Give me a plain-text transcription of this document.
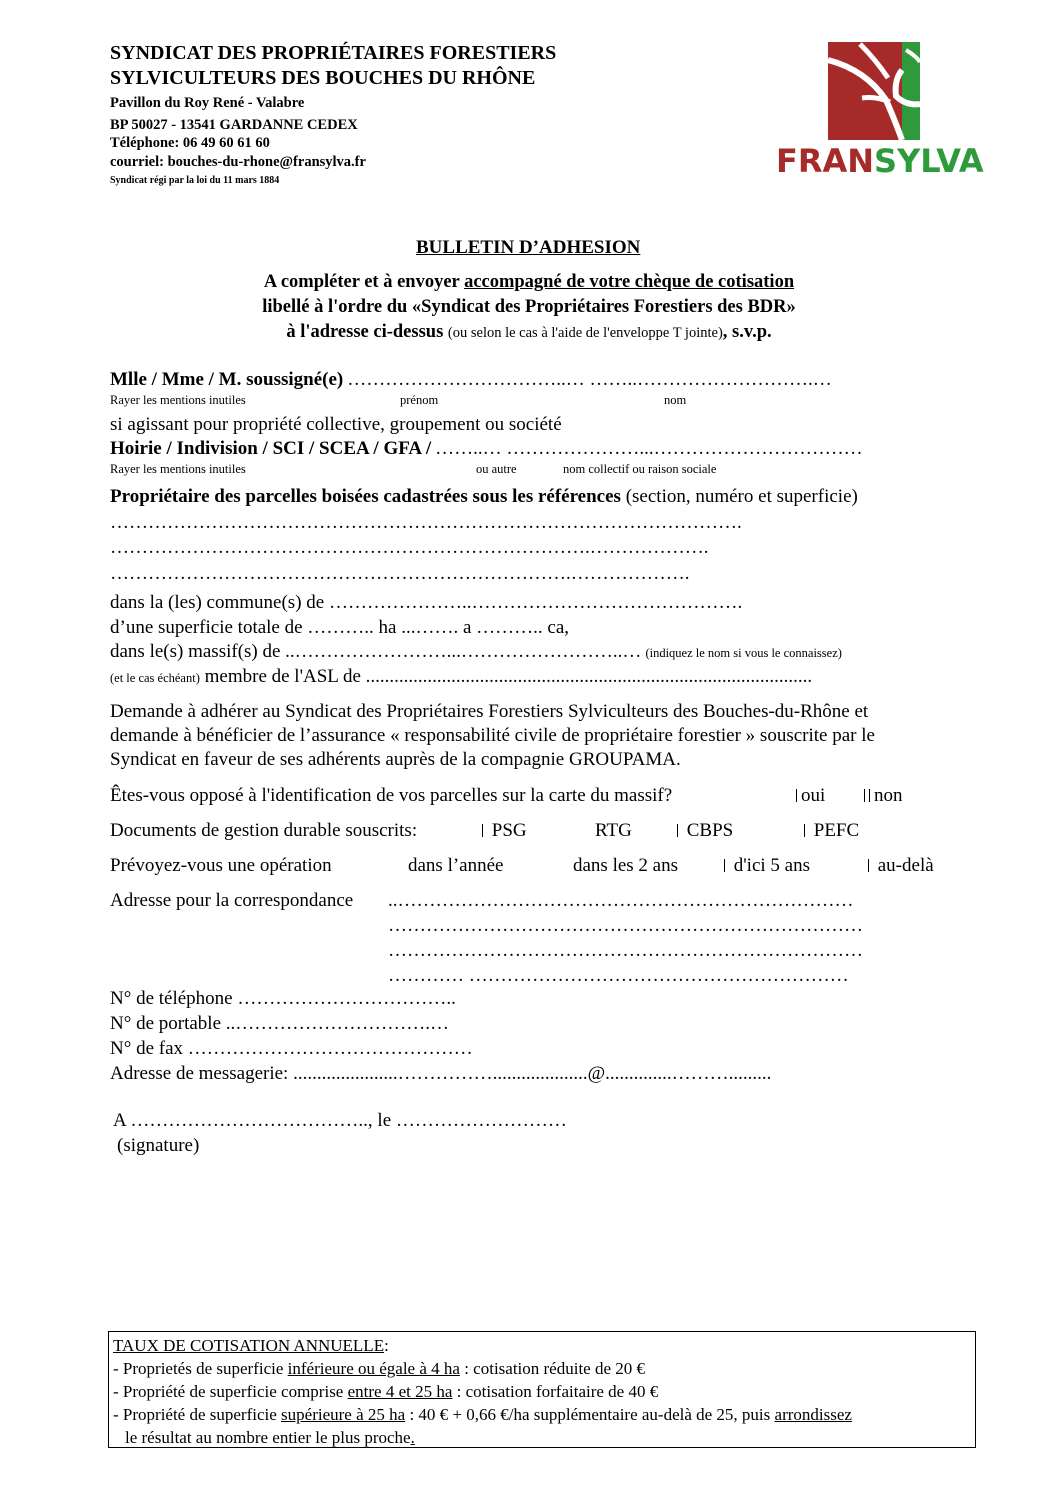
SYNDICAT DES PROPRIÉTAIRES FORESTIERS
SYLVICULTEURS DES BOUCHES DU RHÔNE
Pavillon du Roy René - Valabre
BP 50027 - 13541 GARDANNE CEDEX
Téléphone: 06 49 60 61 60
courriel: bouches-du-rhone@fransylva.fr
Syndicat régi par la loi du 11 mars 1884
FRANSYLVA
BULLETIN D’ADHESION
A compléter et à envoyer accompagné de votre chèque de cotisation
libellé à l'ordre du «Syndicat des Propriétaires Forestiers des BDR»
à l'adresse ci-dessus (ou selon le cas à l'aide de l'enveloppe T jointe), s.v.p.
Mlle / Mme / M. soussigné(e) ……………………………..… ……..……………………….…
Rayer les mentions inutiles	prénom	nom
si agissant pour propriété collective, groupement ou société
Hoirie / Indivision / SCI / SCEA / GFA / ……..… …………………...……………………………
Rayer les mentions inutiles	ou autre	nom collectif ou raison sociale
Propriétaire des parcelles boisées cadastrées sous les références (section, numéro et superficie)
……………………………………………………………………………………….
………………………………………………………………….……………….
……………………………………………………………….……………….
dans la (les) commune(s) de …………………..…………………………………….
d’une superficie totale de ……….. ha ...……. a ……….. ca,
dans le(s) massif(s) de ..……………………...……………………..… (indiquez le nom si vous le connaissez)
(et le cas échéant) membre de l'ASL de ..............................................................................................
Demande à adhérer au Syndicat des Propriétaires Forestiers Sylviculteurs des Bouches-du-Rhône et
demande à bénéficier de l’assurance « responsabilité civile de propriétaire forestier » souscrite par le
Syndicat en faveur de ses adhérents auprès de la compagnie GROUPAMA.
Êtes-vous opposé à l'identification de vos parcelles sur la carte du massif?	oui	non
Documents de gestion durable souscrits:	PSG	RTG	CBPS	PEFC
Prévoyez-vous une opération	dans l’année	dans les 2 ans	d'ici 5 ans	au-delà
Adresse pour la correspondance ..………………………………………………………………
…………………………………………………………………
…………………………………………………………………
………… ……………………………………………………
N° de téléphone ……………………………..
N° de portable ..………………………….…
N° de fax ………………………………………
Adresse de messagerie: ......................……………....................@..............……….........
A ……………………………….., le ………………………
(signature)
TAUX DE COTISATION ANNUELLE:
- Proprietés de superficie inférieure ou égale à 4 ha : cotisation réduite de 20 €
- Propriété de superficie comprise entre 4 et 25 ha : cotisation forfaitaire de 40 €
- Propriété de superficie supérieure à 25 ha : 40 € + 0,66 €/ha supplémentaire au-delà de 25, puis arrondissez
le résultat au nombre entier le plus proche.
